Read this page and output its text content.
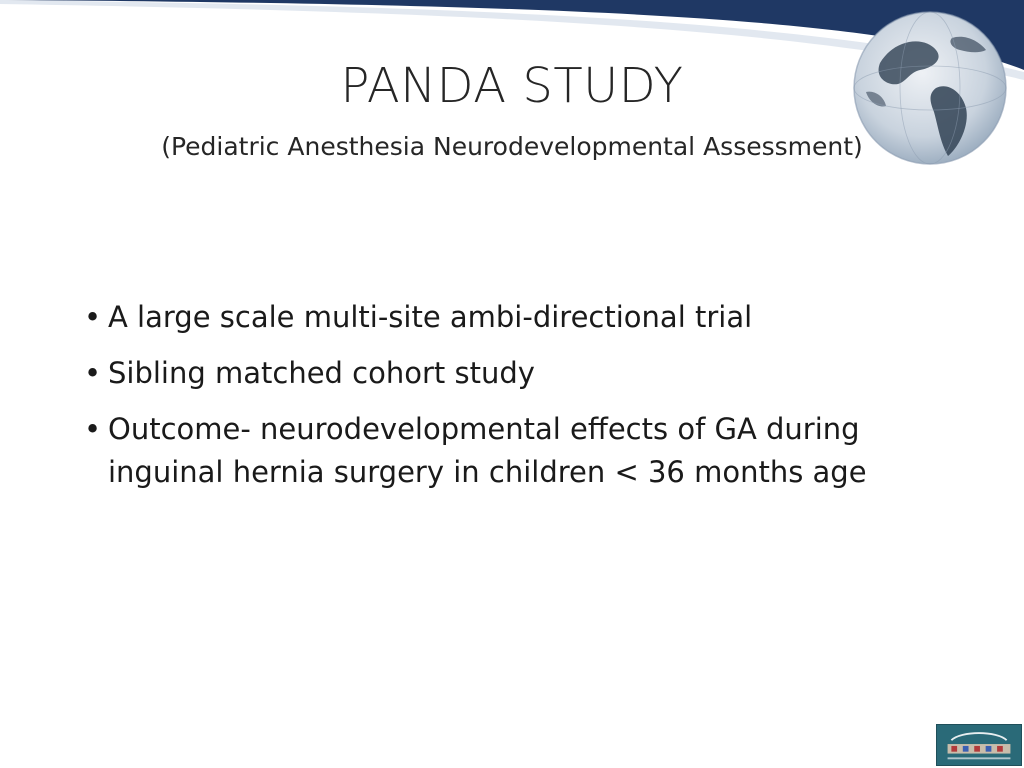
PANDA STUDY

(Pediatric Anesthesia Neurodevelopmental Assessment)

• A large scale multi-site ambi-directional trial
• Sibling matched cohort study
• Outcome- neurodevelopmental effects of GA during inguinal hernia surgery in children < 36 months age
